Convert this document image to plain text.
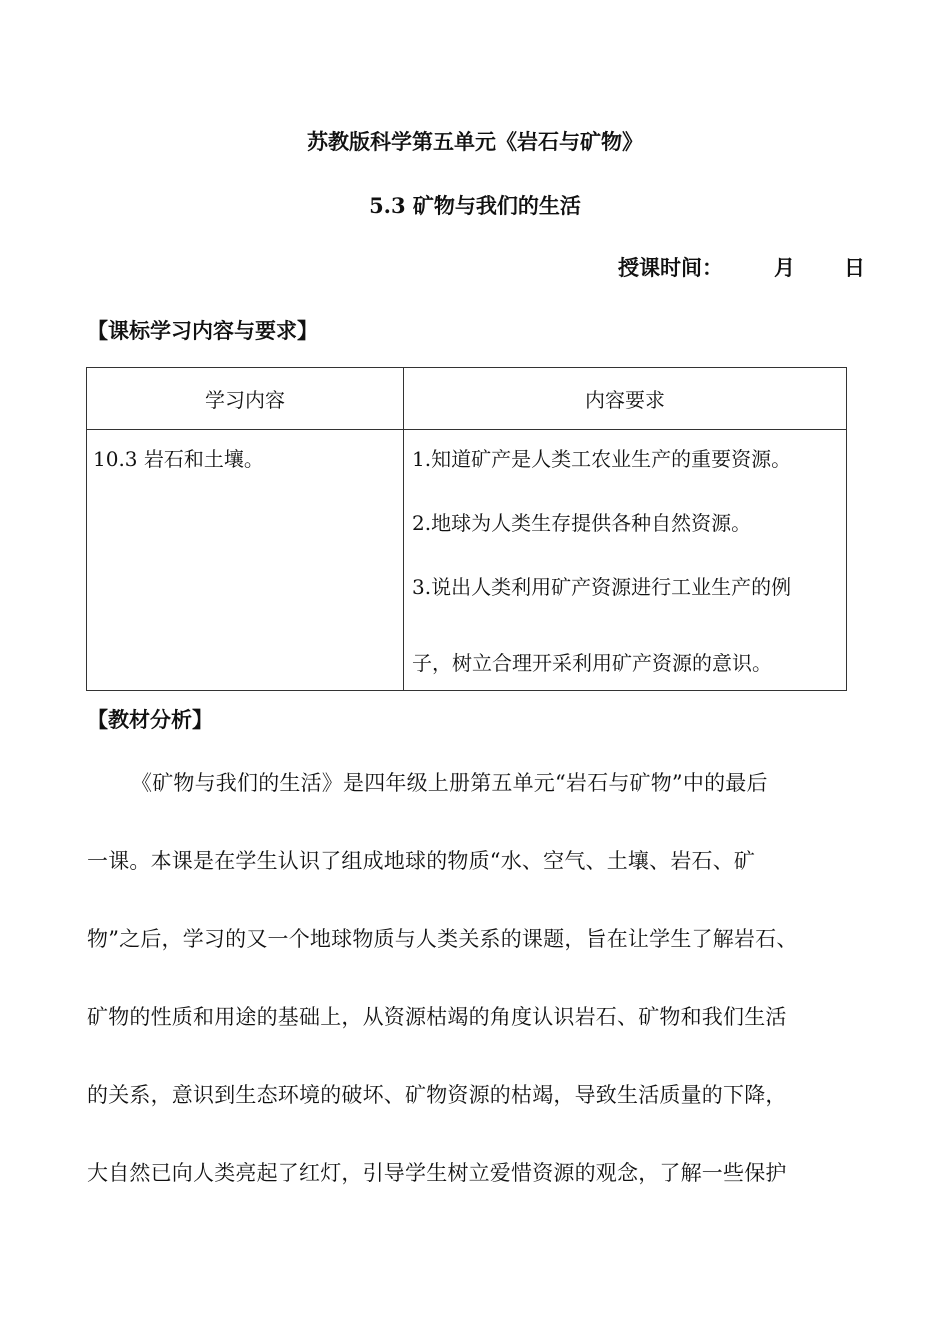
苏教版科学第五单元《岩石与矿物》
5.3 矿物与我们的生活
授课时间： 月 日
【课标学习内容与要求】
学习内容	内容要求
10.3 岩石和土壤。	1.知道矿产是人类工农业生产的重要资源。
2.地球为人类生存提供各种自然资源。
3.说出人类利用矿产资源进行工业生产的例
子，树立合理开采利用矿产资源的意识。
【教材分析】
《矿物与我们的生活》是四年级上册第五单元“岩石与矿物”中的最后
一课。本课是在学生认识了组成地球的物质“水、空气、土壤、岩石、矿
物”之后，学习的又一个地球物质与人类关系的课题，旨在让学生了解岩石、
矿物的性质和用途的基础上，从资源枯竭的角度认识岩石、矿物和我们生活
的关系，意识到生态环境的破坏、矿物资源的枯竭，导致生活质量的下降，
大自然已向人类亮起了红灯，引导学生树立爱惜资源的观念，了解一些保护
